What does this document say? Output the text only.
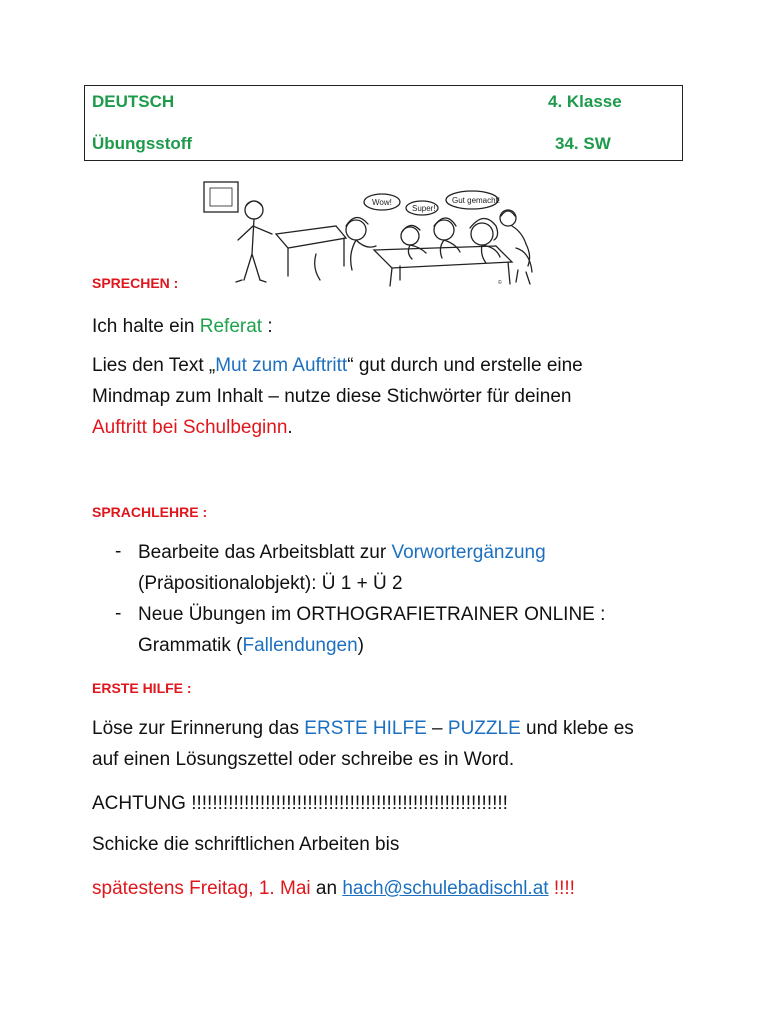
DEUTSCH	4. Klasse
Übungsstoff	34. SW
Wow!
Super!
Gut gemacht!
©
SPRECHEN :
Ich halte ein Referat :
Lies den Text „Mut zum Auftritt“ gut durch und erstelle eine
Mindmap zum Inhalt – nutze diese Stichwörter für deinen
Auftritt bei Schulbeginn.
SPRACHLEHRE :
- Bearbeite das Arbeitsblatt zur Vorwortergänzung
(Präpositionalobjekt): Ü 1 + Ü 2
- Neue Übungen im ORTHOGRAFIETRAINER ONLINE :
Grammatik (Fallendungen)
ERSTE HILFE :
Löse zur Erinnerung das ERSTE HILFE – PUZZLE und klebe es
auf einen Lösungszettel oder schreibe es in Word.
ACHTUNG !!!!!!!!!!!!!!!!!!!!!!!!!!!!!!!!!!!!!!!!!!!!!!!!!!!!!!!!!!!!
Schicke die schriftlichen Arbeiten bis
spätestens Freitag, 1. Mai an hach@schulebadischl.at !!!!
